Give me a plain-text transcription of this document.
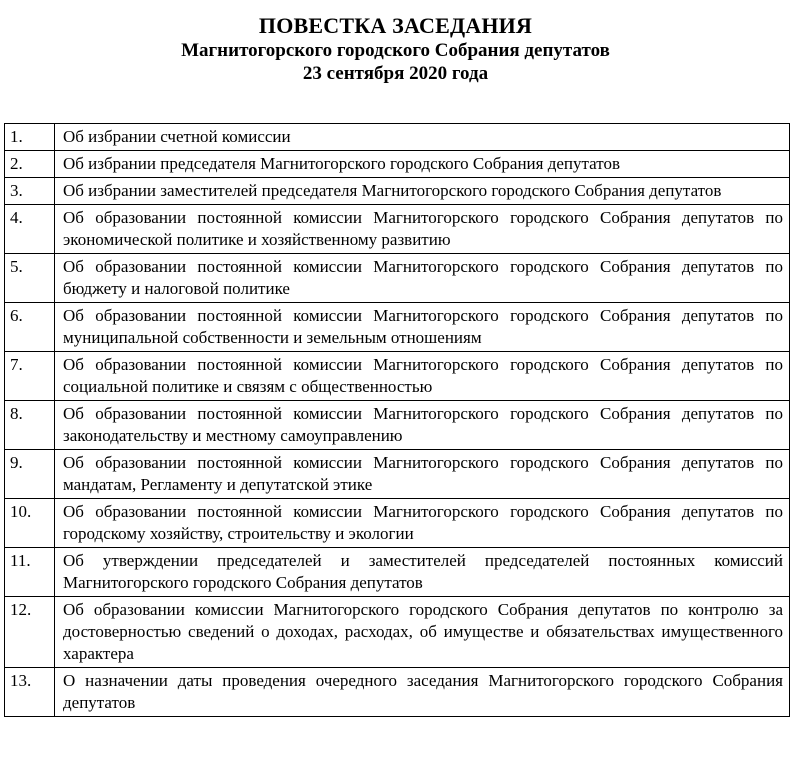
ПОВЕСТКА ЗАСЕДАНИЯ
Магнитогорского городского Собрания депутатов
23 сентября 2020 года
1.	Об избрании счетной комиссии
2.	Об избрании председателя Магнитогорского городского Собрания депутатов
3.	Об избрании заместителей председателя Магнитогорского городского Собрания депутатов
4.	Об образовании постоянной комиссии Магнитогорского городского Собрания депутатов по экономической политике и хозяйственному развитию
5.	Об образовании постоянной комиссии Магнитогорского городского Собрания депутатов по бюджету и налоговой политике
6.	Об образовании постоянной комиссии Магнитогорского городского Собрания депутатов по муниципальной собственности и земельным отношениям
7.	Об образовании постоянной комиссии Магнитогорского городского Собрания депутатов по социальной политике и связям с общественностью
8.	Об образовании постоянной комиссии Магнитогорского городского Собрания депутатов по законодательству и местному самоуправлению
9.	Об образовании постоянной комиссии Магнитогорского городского Собрания депутатов по мандатам, Регламенту и депутатской этике
10.	Об образовании постоянной комиссии Магнитогорского городского Собрания депутатов по городскому хозяйству, строительству и экологии
11.	Об утверждении председателей и заместителей председателей постоянных комиссий Магнитогорского городского Собрания депутатов
12.	Об образовании комиссии Магнитогорского городского Собрания депутатов по контролю за достоверностью сведений о доходах, расходах, об имуществе и обязательствах имущественного характера
13.	О назначении даты проведения очередного заседания Магнитогорского городского Собрания депутатов
